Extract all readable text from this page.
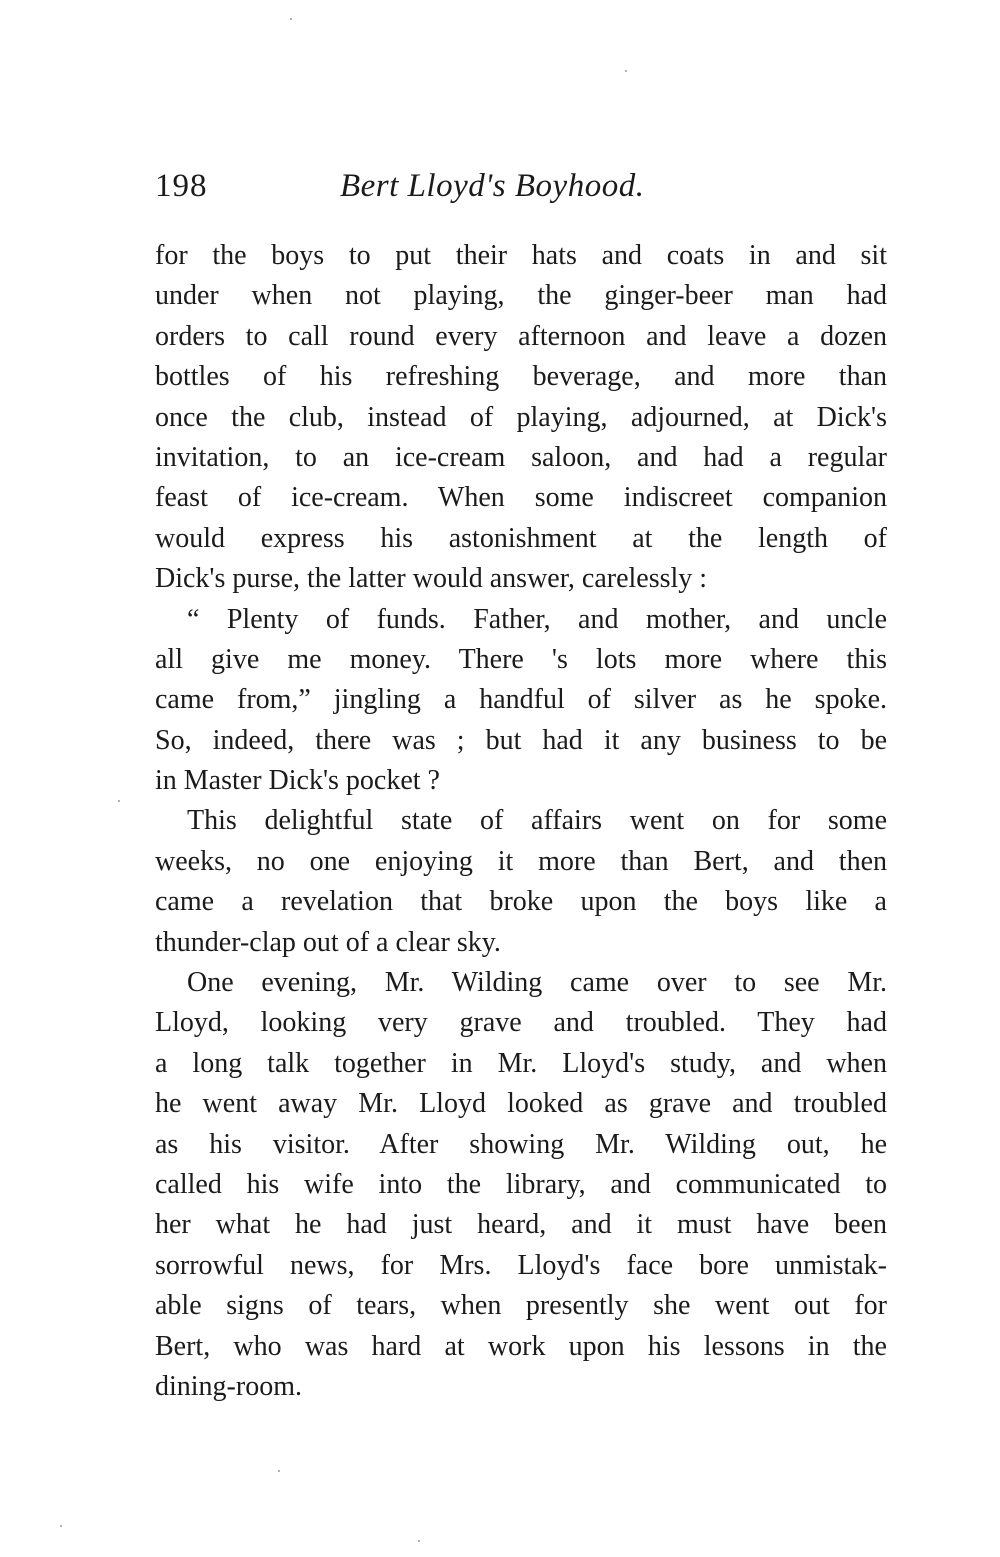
198	Bert Lloyd's Boyhood.
for the boys to put their hats and coats in and sit
under when not playing, the ginger-beer man had
orders to call round every afternoon and leave a dozen
bottles of his refreshing beverage, and more than
once the club, instead of playing, adjourned, at Dick's
invitation, to an ice-cream saloon, and had a regular
feast of ice-cream. When some indiscreet companion
would express his astonishment at the length of
Dick's purse, the latter would answer, carelessly :
“ Plenty of funds. Father, and mother, and uncle
all give me money. There 's lots more where this
came from,” jingling a handful of silver as he spoke.
So, indeed, there was ; but had it any business to be
in Master Dick's pocket ?
This delightful state of affairs went on for some
weeks, no one enjoying it more than Bert, and then
came a revelation that broke upon the boys like a
thunder-clap out of a clear sky.
One evening, Mr. Wilding came over to see Mr.
Lloyd, looking very grave and troubled. They had
a long talk together in Mr. Lloyd's study, and when
he went away Mr. Lloyd looked as grave and troubled
as his visitor. After showing Mr. Wilding out, he
called his wife into the library, and communicated to
her what he had just heard, and it must have been
sorrowful news, for Mrs. Lloyd's face bore unmistak-
able signs of tears, when presently she went out for
Bert, who was hard at work upon his lessons in the
dining-room.
